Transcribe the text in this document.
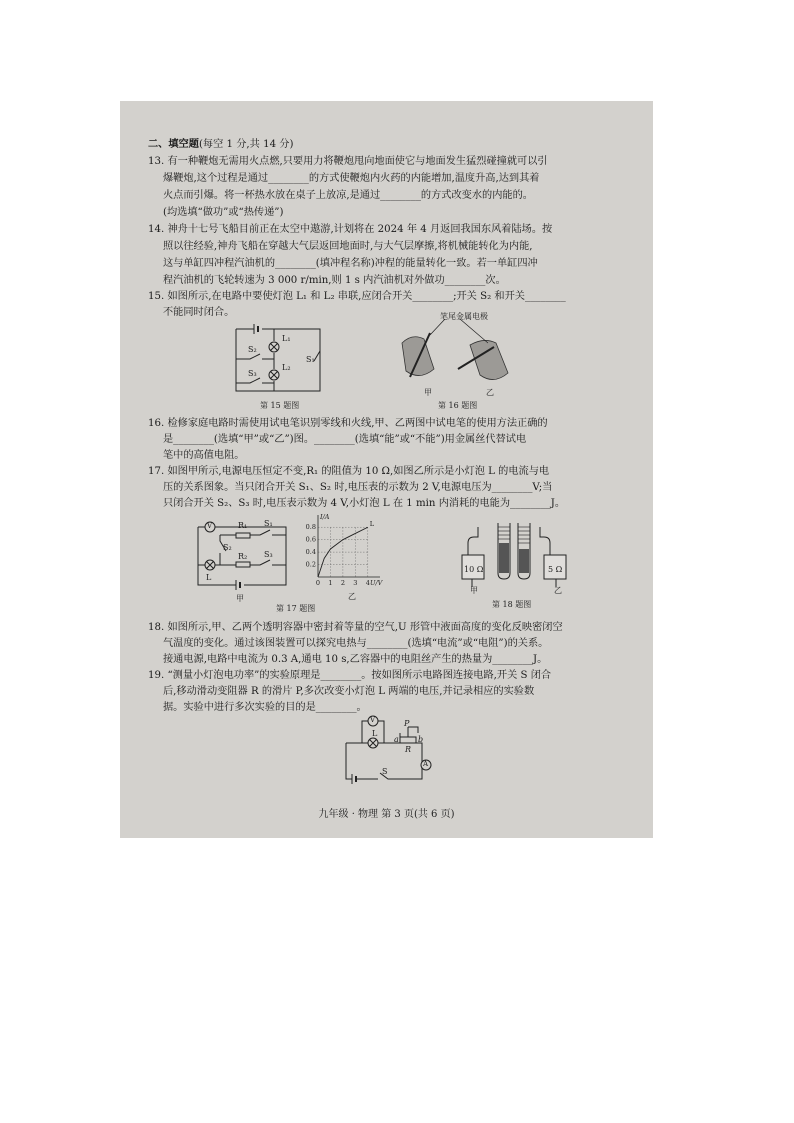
二、填空题(每空 1 分,共 14 分)
13. 有一种鞭炮无需用火点燃,只要用力将鞭炮甩向地面使它与地面发生猛烈碰撞就可以引
爆鞭炮,这个过程是通过________的方式使鞭炮内火药的内能增加,温度升高,达到其着
火点而引爆。将一杯热水放在桌子上放凉,是通过________的方式改变水的内能的。
(均选填“做功”或“热传递”)
14. 神舟十七号飞船目前正在太空中遨游,计划将在 2024 年 4 月返回我国东风着陆场。按
照以往经验,神舟飞船在穿越大气层返回地面时,与大气层摩擦,将机械能转化为内能,
这与单缸四冲程汽油机的________(填冲程名称)冲程的能量转化一致。若一单缸四冲
程汽油机的飞轮转速为 3 000 r/min,则 1 s 内汽油机对外做功________次。
15. 如图所示,在电路中要使灯泡 L₁ 和 L₂ 串联,应闭合开关________;开关 S₂ 和开关________
不能同时闭合。
L₁
L₂
S₂
S₃
S₁
第 15 题图
笔尾金属电极
甲	乙
第 16 题图
16. 检修家庭电路时需使用试电笔识别零线和火线,甲、乙两图中试电笔的使用方法正确的
是________(选填“甲”或“乙”)图。________(选填“能”或“不能”)用金属丝代替试电
笔中的高值电阻。
17. 如图甲所示,电源电压恒定不变,R₁ 的阻值为 10 Ω,如图乙所示是小灯泡 L 的电流与电
压的关系图象。当只闭合开关 S₁、S₂ 时,电压表的示数为 2 V,电源电压为________V;当
只闭合开关 S₂、S₃ 时,电压表示数为 4 V,小灯泡 L 在 1 min 内消耗的电能为________J。
V	R₁ S₁
S₂
R₂ S₃
L
甲
0 1 2 3 4
0.2
0.4
0.6
0.8
I/A
U/V
L
乙
第 17 题图
10 Ω	5 Ω
甲	乙
第 18 题图
18. 如图所示,甲、乙两个透明容器中密封着等量的空气,U 形管中液面高度的变化反映密闭空
气温度的变化。通过该图装置可以探究电热与________(选填“电流”或“电阻”)的关系。
接通电源,电路中电流为 0.3 A,通电 10 s,乙容器中的电阻丝产生的热量为________J。
19. “测量小灯泡电功率”的实验原理是________。按如图所示电路图连接电路,开关 S 闭合
后,移动滑动变阻器 R 的滑片 P,多次改变小灯泡 L 两端的电压,并记录相应的实验数
据。实验中进行多次实验的目的是________。
V
L
P
a
R
b
S
A
九年级 · 物理 第 3 页(共 6 页)
